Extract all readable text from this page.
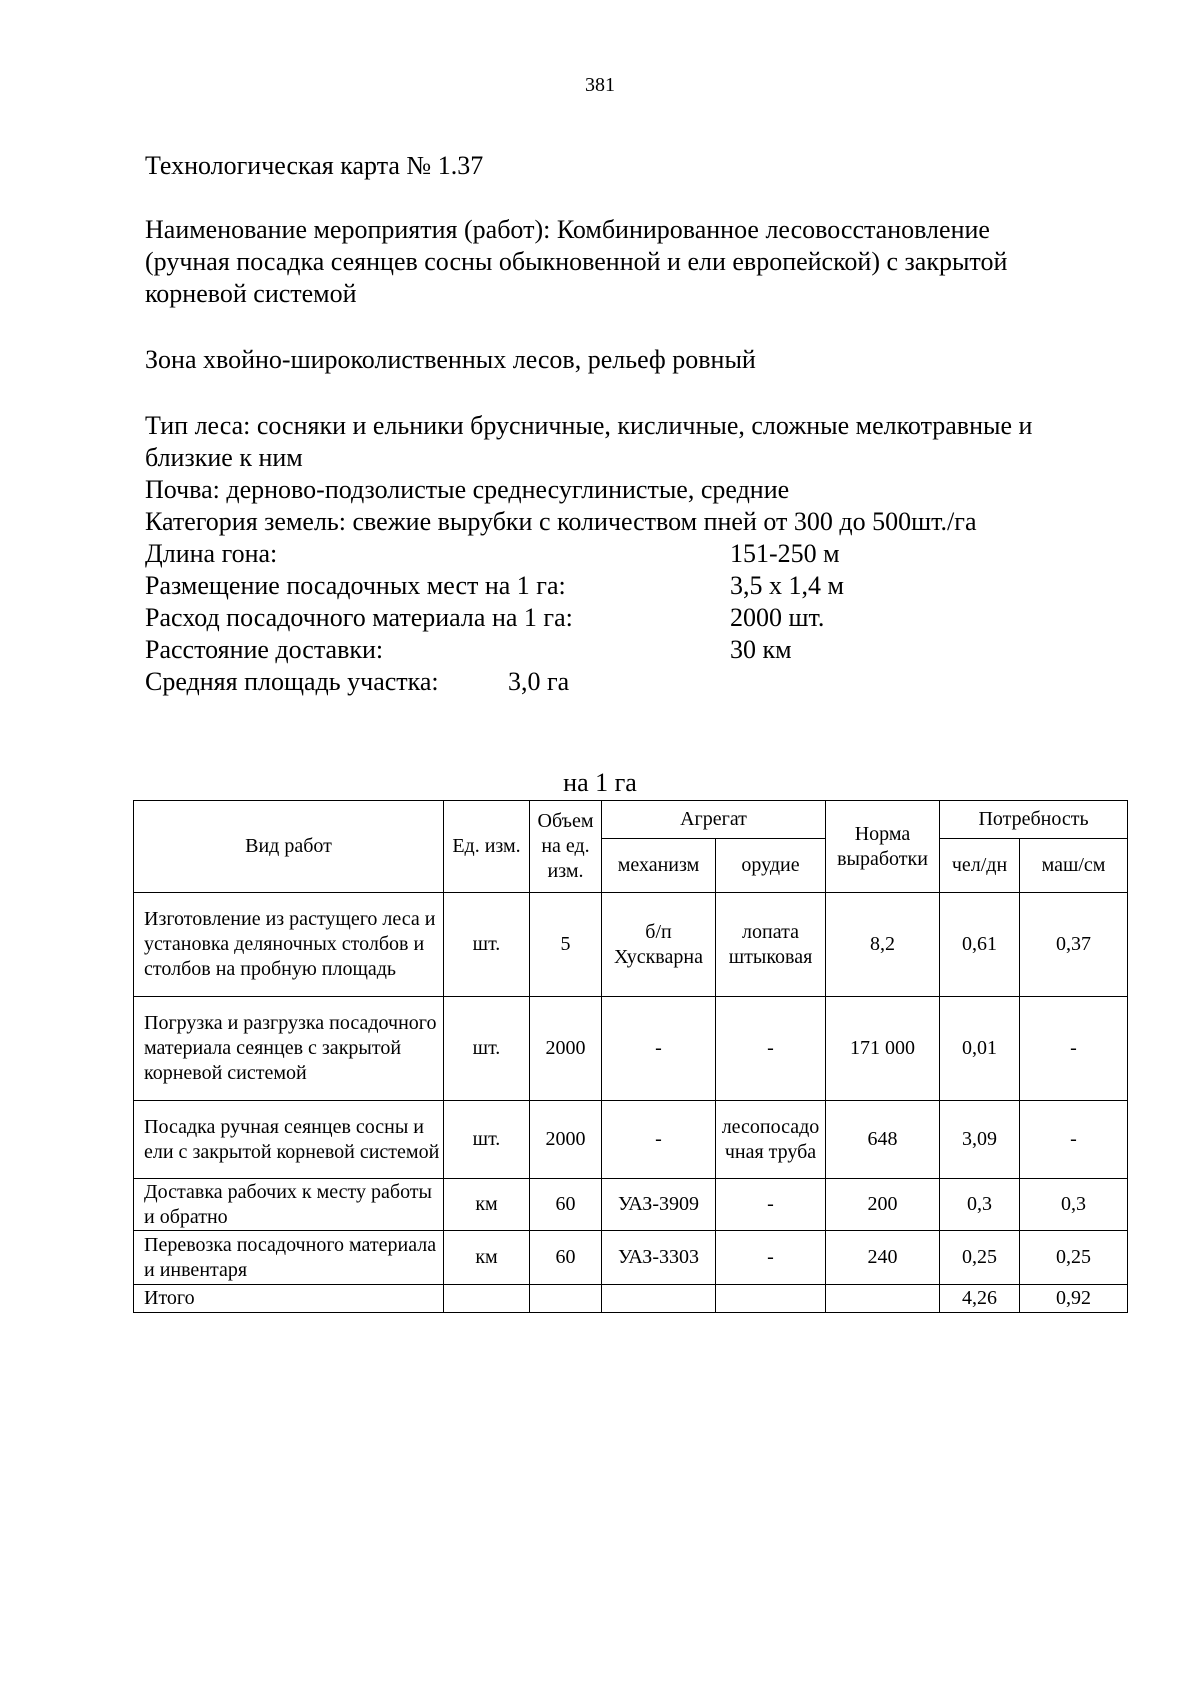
381
Технологическая карта № 1.37
Наименование мероприятия (работ): Комбинированное лесовосстановление
(ручная посадка сеянцев сосны обыкновенной и ели европейской) с закрытой
корневой системой
Зона хвойно-широколиственных лесов, рельеф ровный
Тип леса: сосняки и ельники брусничные, кисличные, сложные мелкотравные и
близкие к ним
Почва: дерново-подзолистые среднесуглинистые, средние
Категория земель: свежие вырубки с количеством пней от 300 до 500шт./га
Длина гона:	151-250 м
Размещение посадочных мест на 1 га:	3,5 х 1,4 м
Расход посадочного материала на 1 га:	2000 шт.
Расстояние доставки:	30 км
Средняя площадь участка:	3,0 га
на 1 га
Вид работ	Ед. изм.	Объем на ед. изм.	Агрегат		Норма выработки	Потребность	
			механизм	орудие		чел/дн	маш/см
Изготовление из растущего леса и установка деляночных столбов и столбов на пробную площадь	шт.	5	б/п Хускварна	лопата штыковая	8,2	0,61	0,37
Погрузка и разгрузка посадочного материала сеянцев с закрытой корневой системой	шт.	2000	-	-	171 000	0,01	-
Посадка ручная сеянцев сосны и ели с закрытой корневой системой	шт.	2000	-	лесопосадочная труба	648	3,09	-
Доставка рабочих к месту работы и обратно	км	60	УАЗ-3909	-	200	0,3	0,3
Перевозка посадочного материала и инвентаря	км	60	УАЗ-3303	-	240	0,25	0,25
Итого						4,26	0,92
